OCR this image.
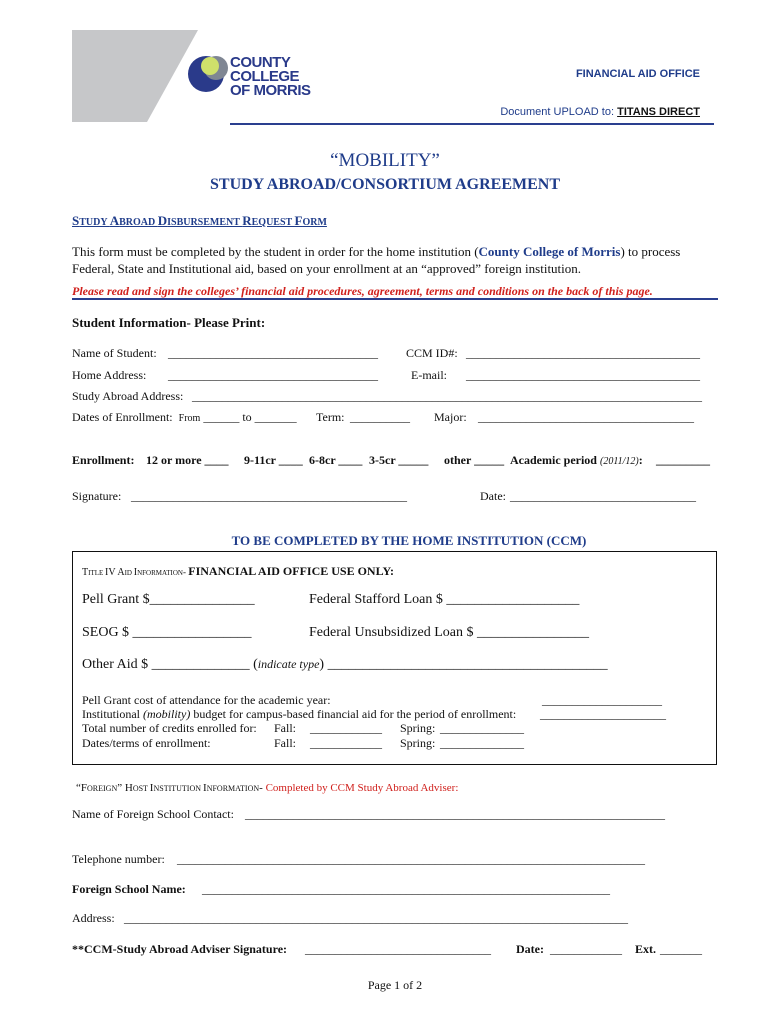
COUNTY
COLLEGE
OF MORRIS
FINANCIAL AID OFFICE
Document UPLOAD to: TITANS DIRECT
“MOBILITY”
STUDY ABROAD/CONSORTIUM AGREEMENT
STUDY ABROAD DISBURSEMENT REQUEST FORM
This form must be completed by the student in order for the home institution (County College of Morris) to process
Federal, State and Institutional aid, based on your enrollment at an “approved” foreign institution.
Please read and sign the colleges’ financial aid procedures, agreement, terms and conditions on the back of this page.
Student Information- Please Print:
Name of Student: ___________________________________ CCM ID#: _______________________________________
Home Address: ___________________________________	E-mail: _______________________________________
Study Abroad Address: _____________________________________________________________________________________
Dates of Enrollment: From ______ to _______ Term: __________ Major: ____________________________________
Enrollment: 12 or more ____ 9-11cr ____ 6-8cr ____ 3-5cr _____ other _____ Academic period (2011/12): _________
Signature: ______________________________________________	Date: _______________________________
TO BE COMPLETED BY THE HOME INSTITUTION (CCM)
TITLE IV AID INFORMATION- FINANCIAL AID OFFICE USE ONLY:
Pell Grant $_______________	Federal Stafford Loan $ ___________________
SEOG $ _________________	Federal Unsubsidized Loan $ ________________
Other Aid $ ______________ (indicate type) ________________________________________
Pell Grant cost of attendance for the academic year:	____________________
Institutional (mobility) budget for campus-based financial aid for the period of enrollment: _____________________
Total number of credits enrolled for: Fall: ____________ Spring: ______________
Dates/terms of enrollment:	Fall: ____________ Spring: ______________
“FOREIGN” HOST INSTITUTION INFORMATION- Completed by CCM Study Abroad Adviser:
Name of Foreign School Contact: ______________________________________________________________________
Telephone number: ______________________________________________________________________________
Foreign School Name: ____________________________________________________________________
Address: ____________________________________________________________________________________
**CCM-Study Abroad Adviser Signature: _______________________________ Date: ____________ Ext. _______
Page 1 of 2
